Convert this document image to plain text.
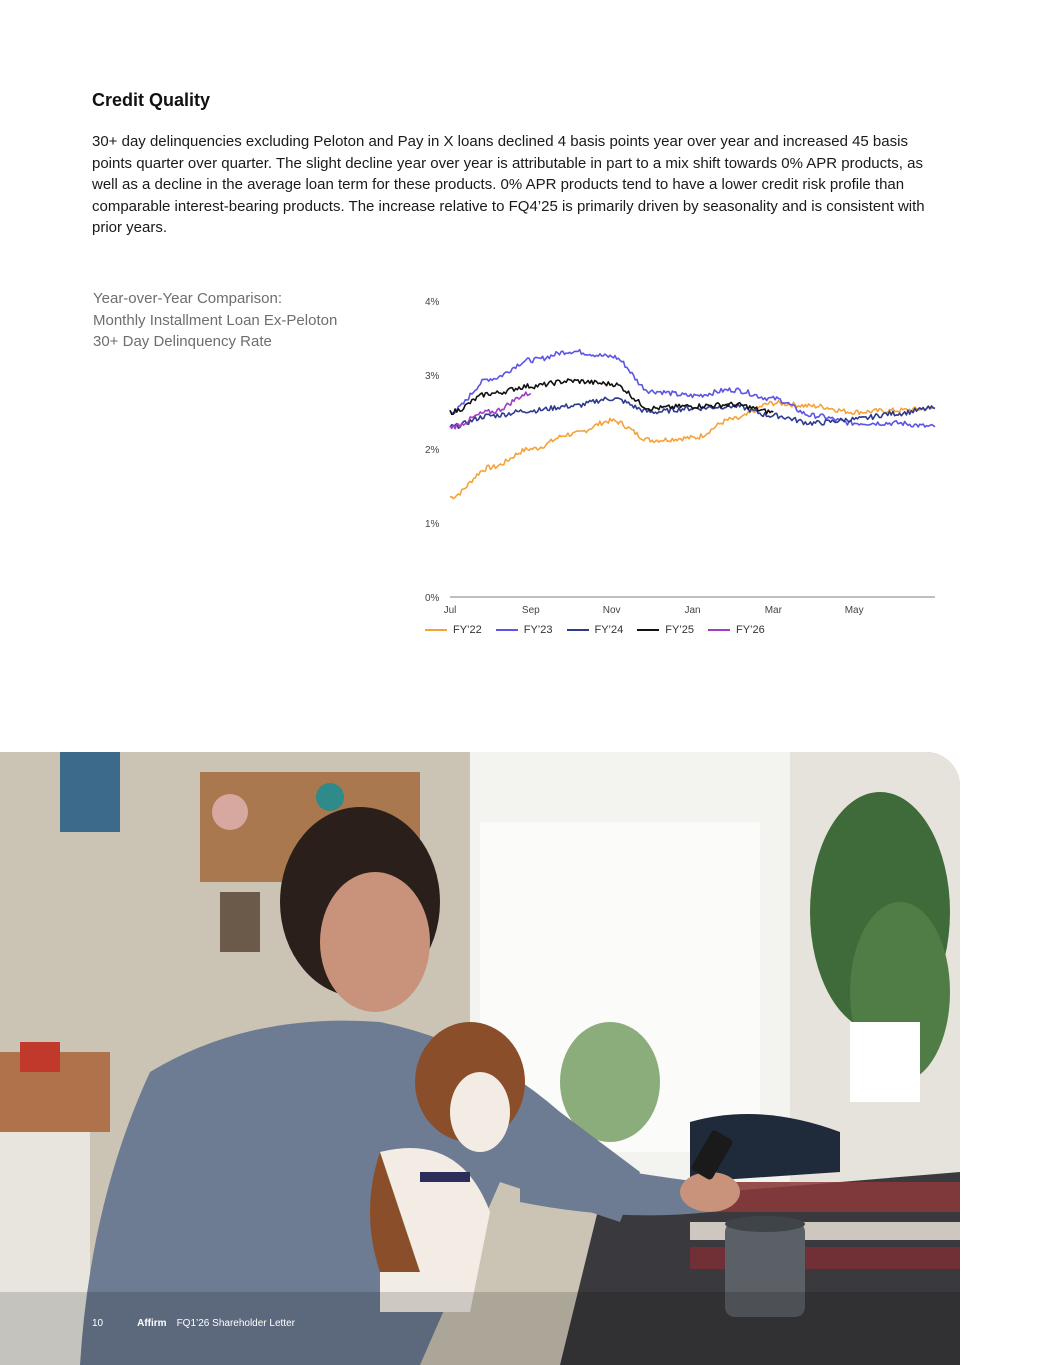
Credit Quality

30+ day delinquencies excluding Peloton and Pay in X loans declined 4 basis points year over year and increased 45 basis points quarter over quarter. The slight decline year over year is attributable in part to a mix shift towards 0% APR products, as well as a decline in the average loan term for these products. 0% APR products tend to have a lower credit risk profile than comparable interest-bearing products. The increase relative to FQ4’25 is primarily driven by seasonality and is consistent with prior years.

Year-over-Year Comparison:
Monthly Installment Loan Ex-Peloton
30+ Day Delinquency Rate
0%
1%
2%
3%
4%
Jul	Sep	Nov	Jan	Mar	May
FY’22	FY’23	FY’24	FY’25	FY’26
10	Affirm FQ1’26 Shareholder Letter
